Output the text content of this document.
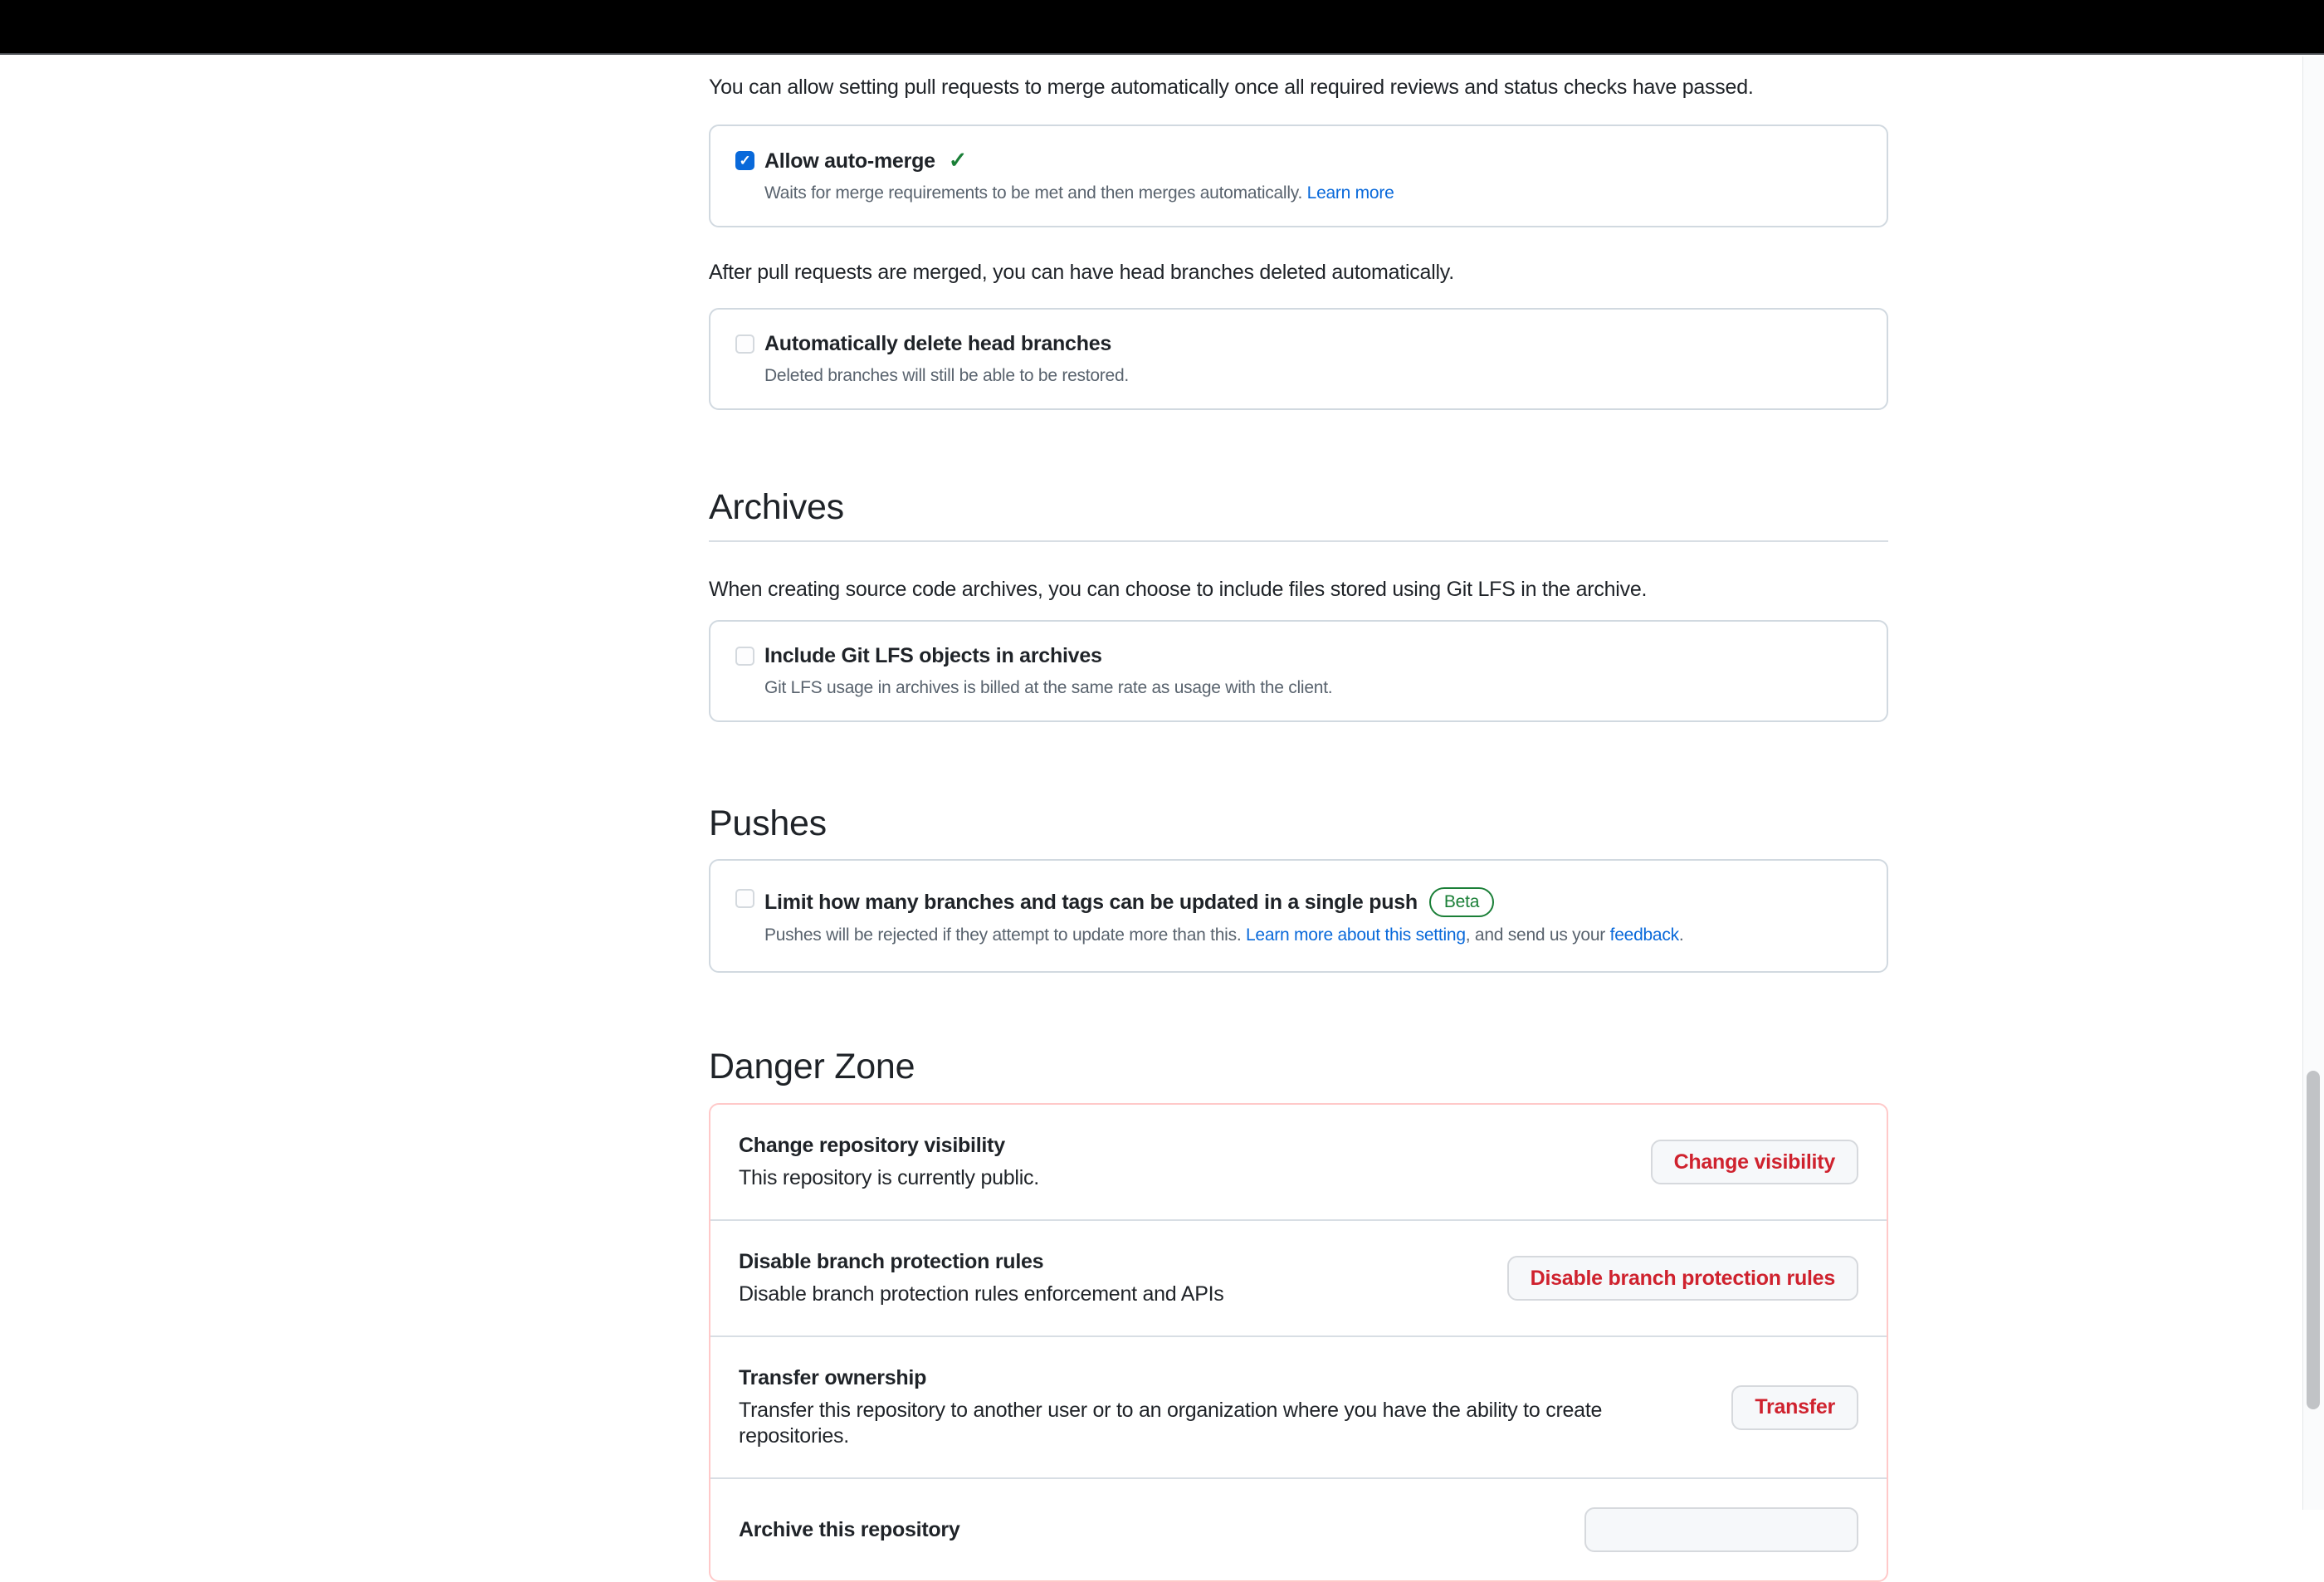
You can allow setting pull requests to merge automatically once all required reviews and status checks have passed.

✓ Allow auto-merge ✓
Waits for merge requirements to be met and then merges automatically. Learn more

After pull requests are merged, you can have head branches deleted automatically.

Automatically delete head branches
Deleted branches will still be able to be restored.
Archives

When creating source code archives, you can choose to include files stored using Git LFS in the archive.

Include Git LFS objects in archives
Git LFS usage in archives is billed at the same rate as usage with the client.
Pushes
Limit how many branches and tags can be updated in a single push	Beta
Pushes will be rejected if they attempt to update more than this. Learn more about this setting, and send us your feedback.
Danger Zone
Change repository visibility
This repository is currently public.
Change visibility
Disable branch protection rules
Disable branch protection rules enforcement and APIs
Disable branch protection rules
Transfer ownership
Transfer this repository to another user or to an organization where you have the ability to create repositories.
Transfer
Archive this repository
